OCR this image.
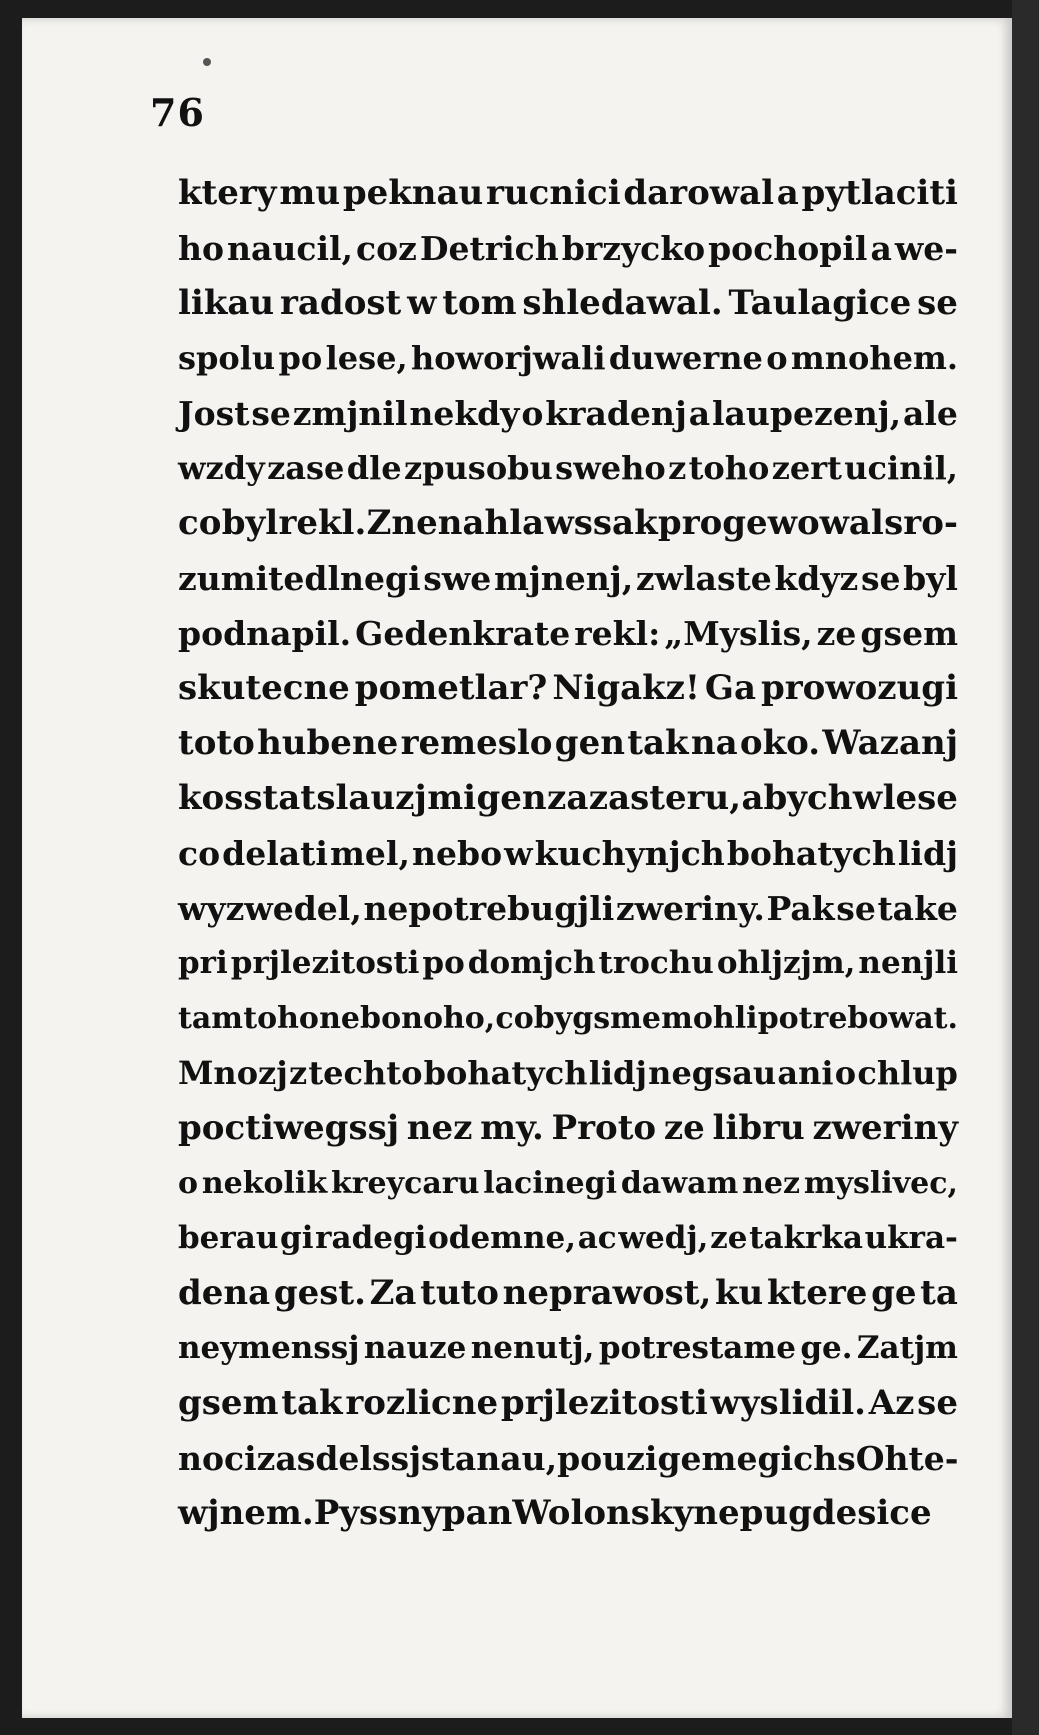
76
ktery mu peknau rucnici darowal a pytlaciti
ho naucil, coz Detrich brzycko pochopil a we-
likau radost w tom shledawal. Taulagice se
spolu po lese, howorjwali duwerne o mnohem.
Jost se zmjnil nekdy o kradenj a laupezenj, ale
wzdy zase dle zpusobu sweho z toho zert ucinil,
co byl rekl. Znenahla wssak progewowal sro-
zumitedlnegi swe mjnenj, zwlaste kdyz se byl
podnapil. Gedenkrate rekl: „Myslis, ze gsem
skutecne pometlar? Nigakz! Ga prowozugi
toto hubene remeslo gen tak na oko. Wazanj
kosstat slauzj mi gen za zasteru, abych w lese
co delati mel, nebo w kuchynjch bohatych lidj
wyzwedel, nepotrebugjli zweriny. Pak se take
pri prjlezitosti po domjch trochu ohljzjm, nenjli
tam toho neb onoho, coby gsme mohli potrebowat.
Mnozj z techto bohatych lidj negsau ani o chlup
poctiwegssj nez my. Proto ze libru zweriny
o nekolik kreycaru lacinegi dawam nez myslivec,
berau gi radegi odemne, ac wedj, ze takrka ukra-
dena gest. Za tuto neprawost, ku ktere ge ta
neymenssj nauze nenutj, potrestame ge. Zatjm
gsem tak rozlicne prjlezitosti wyslidil. Az se
noci zas delssj stanau, pouzigeme gich s Ohte-
wjnem. Pyssny pan Wolonsky nepugde sice
